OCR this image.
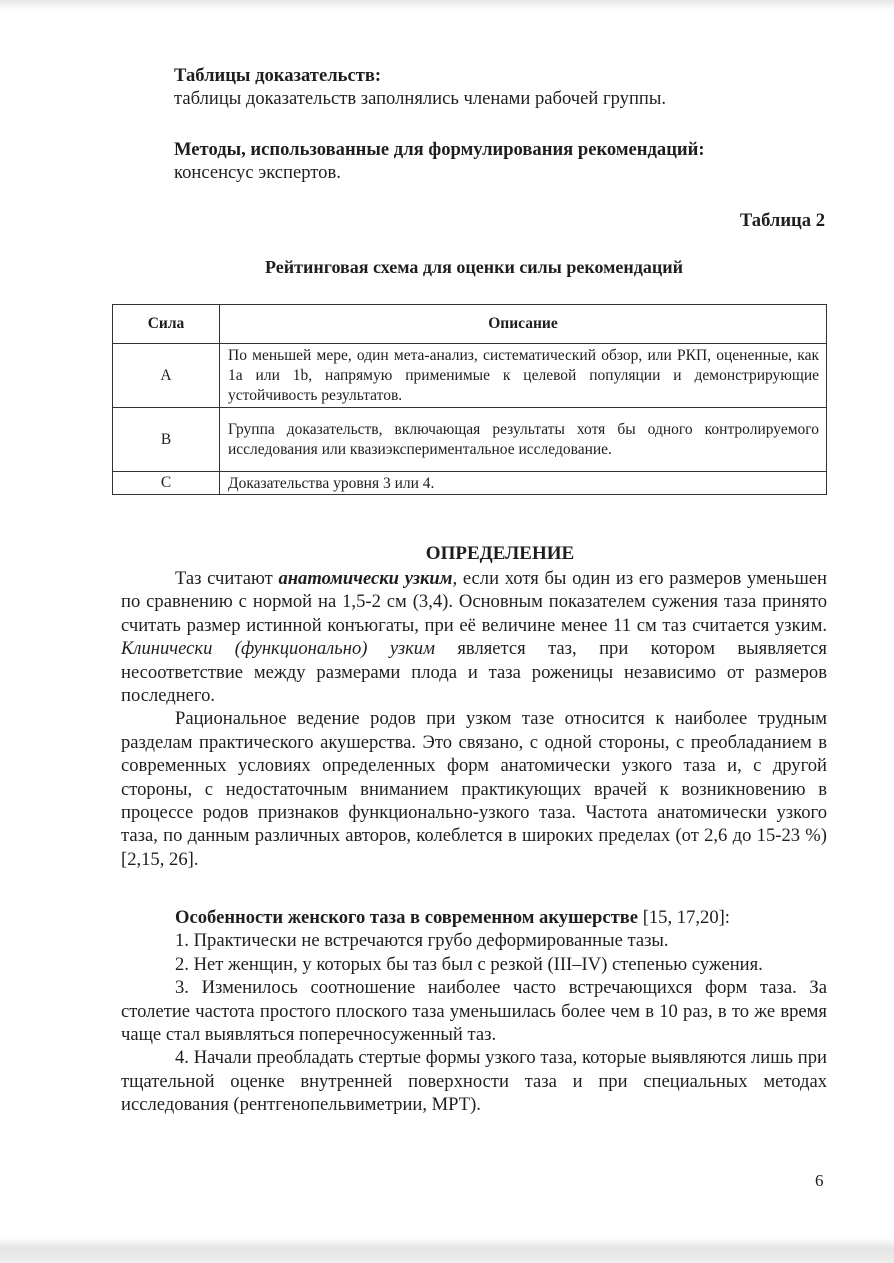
Таблицы доказательств:
таблицы доказательств заполнялись членами рабочей группы.
Методы, использованные для формулирования рекомендаций:
консенсус экспертов.
Таблица 2
Рейтинговая схема для оценки силы рекомендаций
Сила	Описание
A	По меньшей мере, один мета-анализ, систематический обзор, или РКП, оцененные, как 1а или 1b, напрямую применимые к целевой популяции и демонстрирующие устойчивость результатов.
B	Группа доказательств, включающая результаты хотя бы одного контролируемого исследования или квазиэкспериментальное исследование.
C	Доказательства уровня 3 или 4.
ОПРЕДЕЛЕНИЕ

Таз считают анатомически узким, если хотя бы один из его размеров уменьшен по сравнению с нормой на 1,5-2 см (3,4). Основным показателем сужения таза принято считать размер истинной конъюгаты, при её величине менее 11 см таз считается узким. Клинически (функционально) узким является таз, при котором выявляется несоответствие между размерами плода и таза роженицы независимо от размеров последнего.

Рациональное ведение родов при узком тазе относится к наиболее трудным разделам практического акушерства. Это связано, с одной стороны, с преобладанием в современных условиях определенных форм анатомически узкого таза и, с другой стороны, с недостаточным вниманием практикующих врачей к возникновению в процессе родов признаков функционально-узкого таза. Частота анатомически узкого таза, по данным различных авторов, колеблется в широких пределах (от 2,6 до 15-23 %) [2,15, 26].

Особенности женского таза в современном акушерстве [15, 17,20]:

1. Практически не встречаются грубо деформированные тазы.

2. Нет женщин, у которых бы таз был с резкой (III–IV) степенью сужения.

3. Изменилось соотношение наиболее часто встречающихся форм таза. За столетие частота простого плоского таза уменьшилась более чем в 10 раз, в то же время чаще стал выявляться поперечносуженный таз.

4. Начали преобладать стертые формы узкого таза, которые выявляются лишь при тщательной оценке внутренней поверхности таза и при специальных методах исследования (рентгенопельвиметрии, МРТ).

6
